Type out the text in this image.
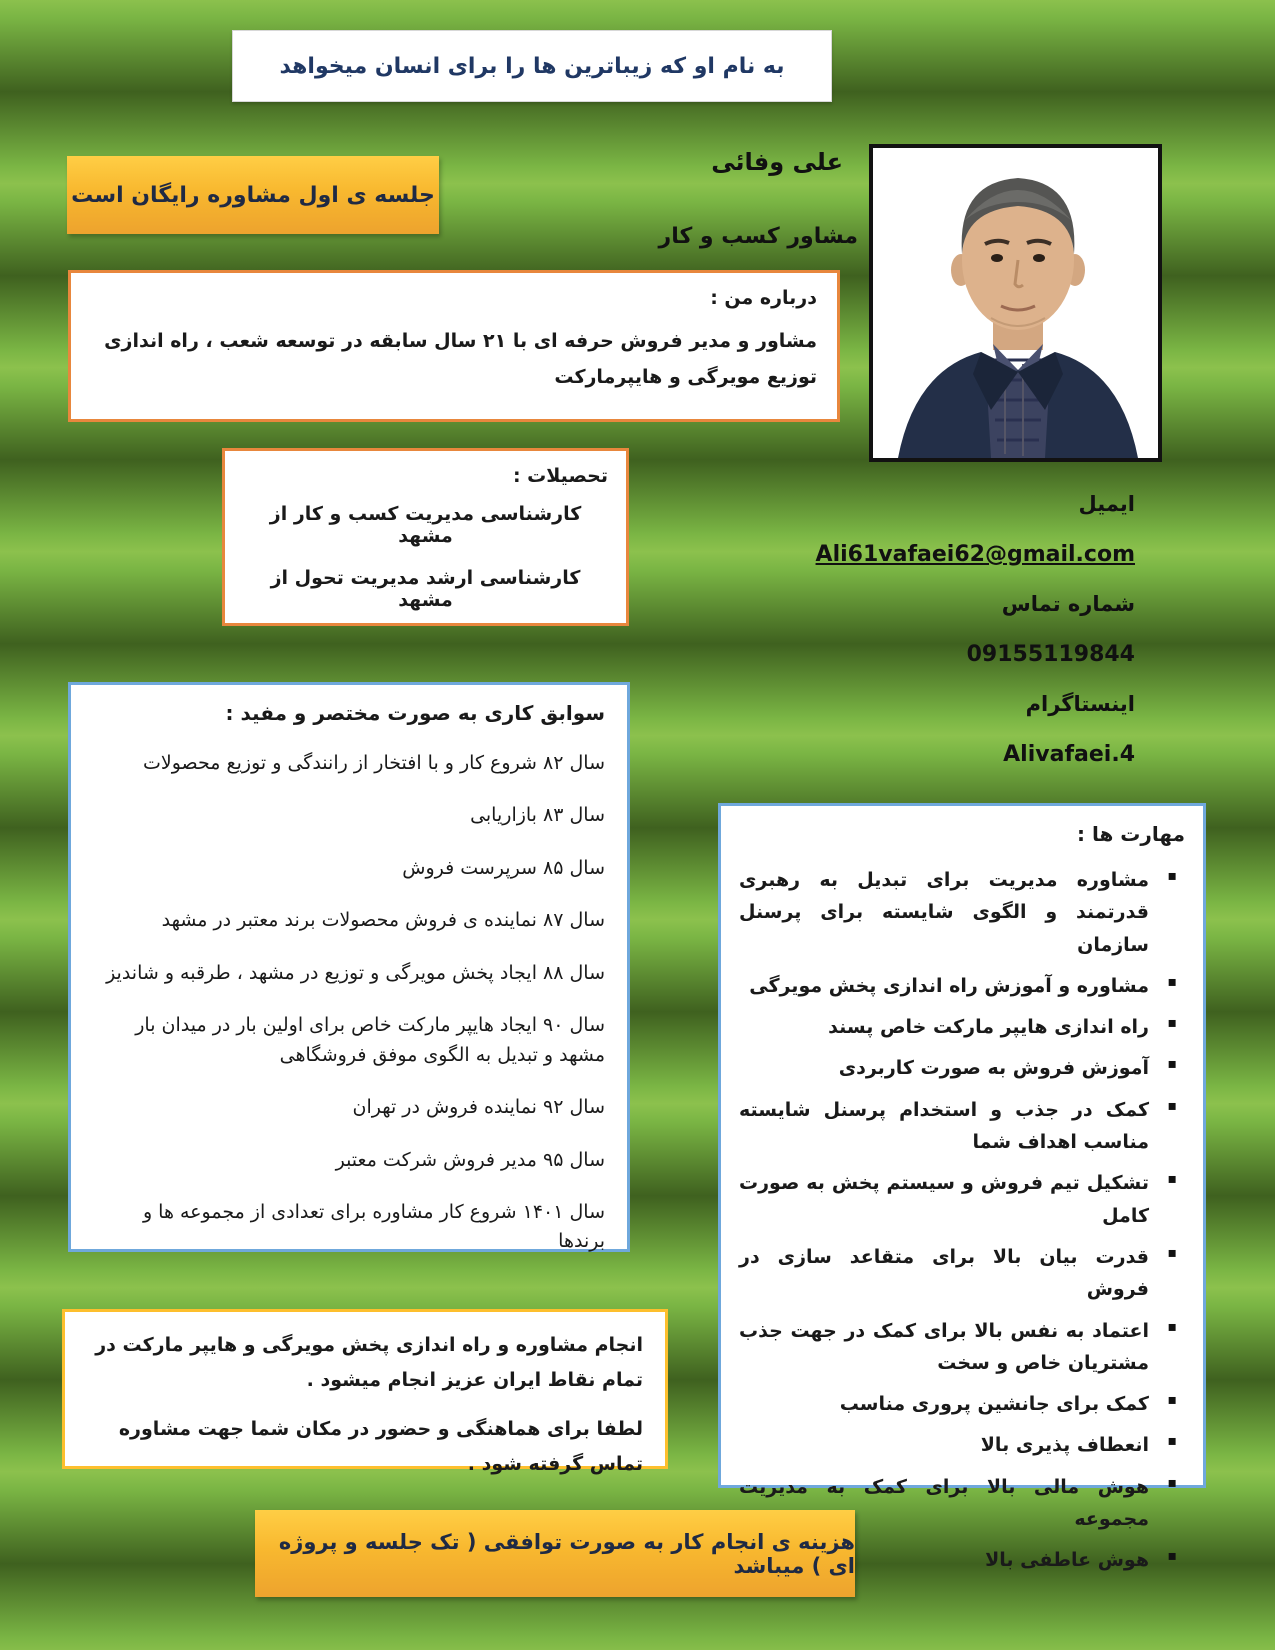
به نام او که زیباترین ها را برای انسان میخواهد
جلسه ی اول مشاوره رایگان است
علی وفائی
مشاور کسب و کار
درباره من :

مشاور و مدیر فروش حرفه ای با ۲۱ سال سابقه در توسعه شعب ، راه اندازی توزیع مویرگی و هایپرمارکت

تحصیلات :
کارشناسی مدیریت کسب و کار از مشهد
کارشناسی ارشد مدیریت تحول از مشهد
ایمیل
Ali61vafaei62@gmail.com
شماره تماس
09155119844
اینستاگرام
Alivafaei.4
سوابق کاری به صورت مختصر و مفید :
سال ۸۲ شروع کار و با افتخار از رانندگی و توزیع محصولات
سال ۸۳ بازاریابی
سال ۸۵ سرپرست فروش
سال ۸۷ نماینده ی فروش محصولات برند معتبر در مشهد
سال ۸۸ ایجاد پخش مویرگی و توزیع در مشهد ، طرقبه و شاندیز
سال ۹۰ ایجاد هایپر مارکت خاص برای اولین بار در میدان بار مشهد و تبدیل به الگوی موفق فروشگاهی
سال ۹۲ نماینده فروش در تهران
سال ۹۵ مدیر فروش شرکت معتبر
سال ۱۴۰۱ شروع کار مشاوره برای تعدادی از مجموعه ها و برندها
مهارت ها :
▪ مشاوره مدیریت برای تبدیل به رهبری قدرتمند و الگوی شایسته برای پرسنل سازمان
▪ مشاوره و آموزش راه اندازی پخش مویرگی
▪ راه اندازی هایپر مارکت خاص پسند
▪ آموزش فروش به صورت کاربردی
▪ کمک در جذب و استخدام پرسنل شایسته مناسب اهداف شما
▪ تشکیل تیم فروش و سیستم پخش به صورت کامل
▪ قدرت بیان بالا برای متقاعد سازی در فروش
▪ اعتماد به نفس بالا برای کمک در جهت جذب مشتریان خاص و سخت
▪ کمک برای جانشین پروری مناسب
▪ انعطاف پذیری بالا
▪ هوش مالی بالا برای کمک به مدیریت مجموعه
▪ هوش عاطفی بالا

انجام مشاوره و راه اندازی پخش مویرگی و هایپر مارکت در تمام نقاط ایران عزیز انجام میشود .

لطفا برای هماهنگی و حضور در مکان شما جهت مشاوره تماس گرفته شود .

هزینه ی انجام کار به صورت توافقی ( تک جلسه و پروژه ای ) میباشد
